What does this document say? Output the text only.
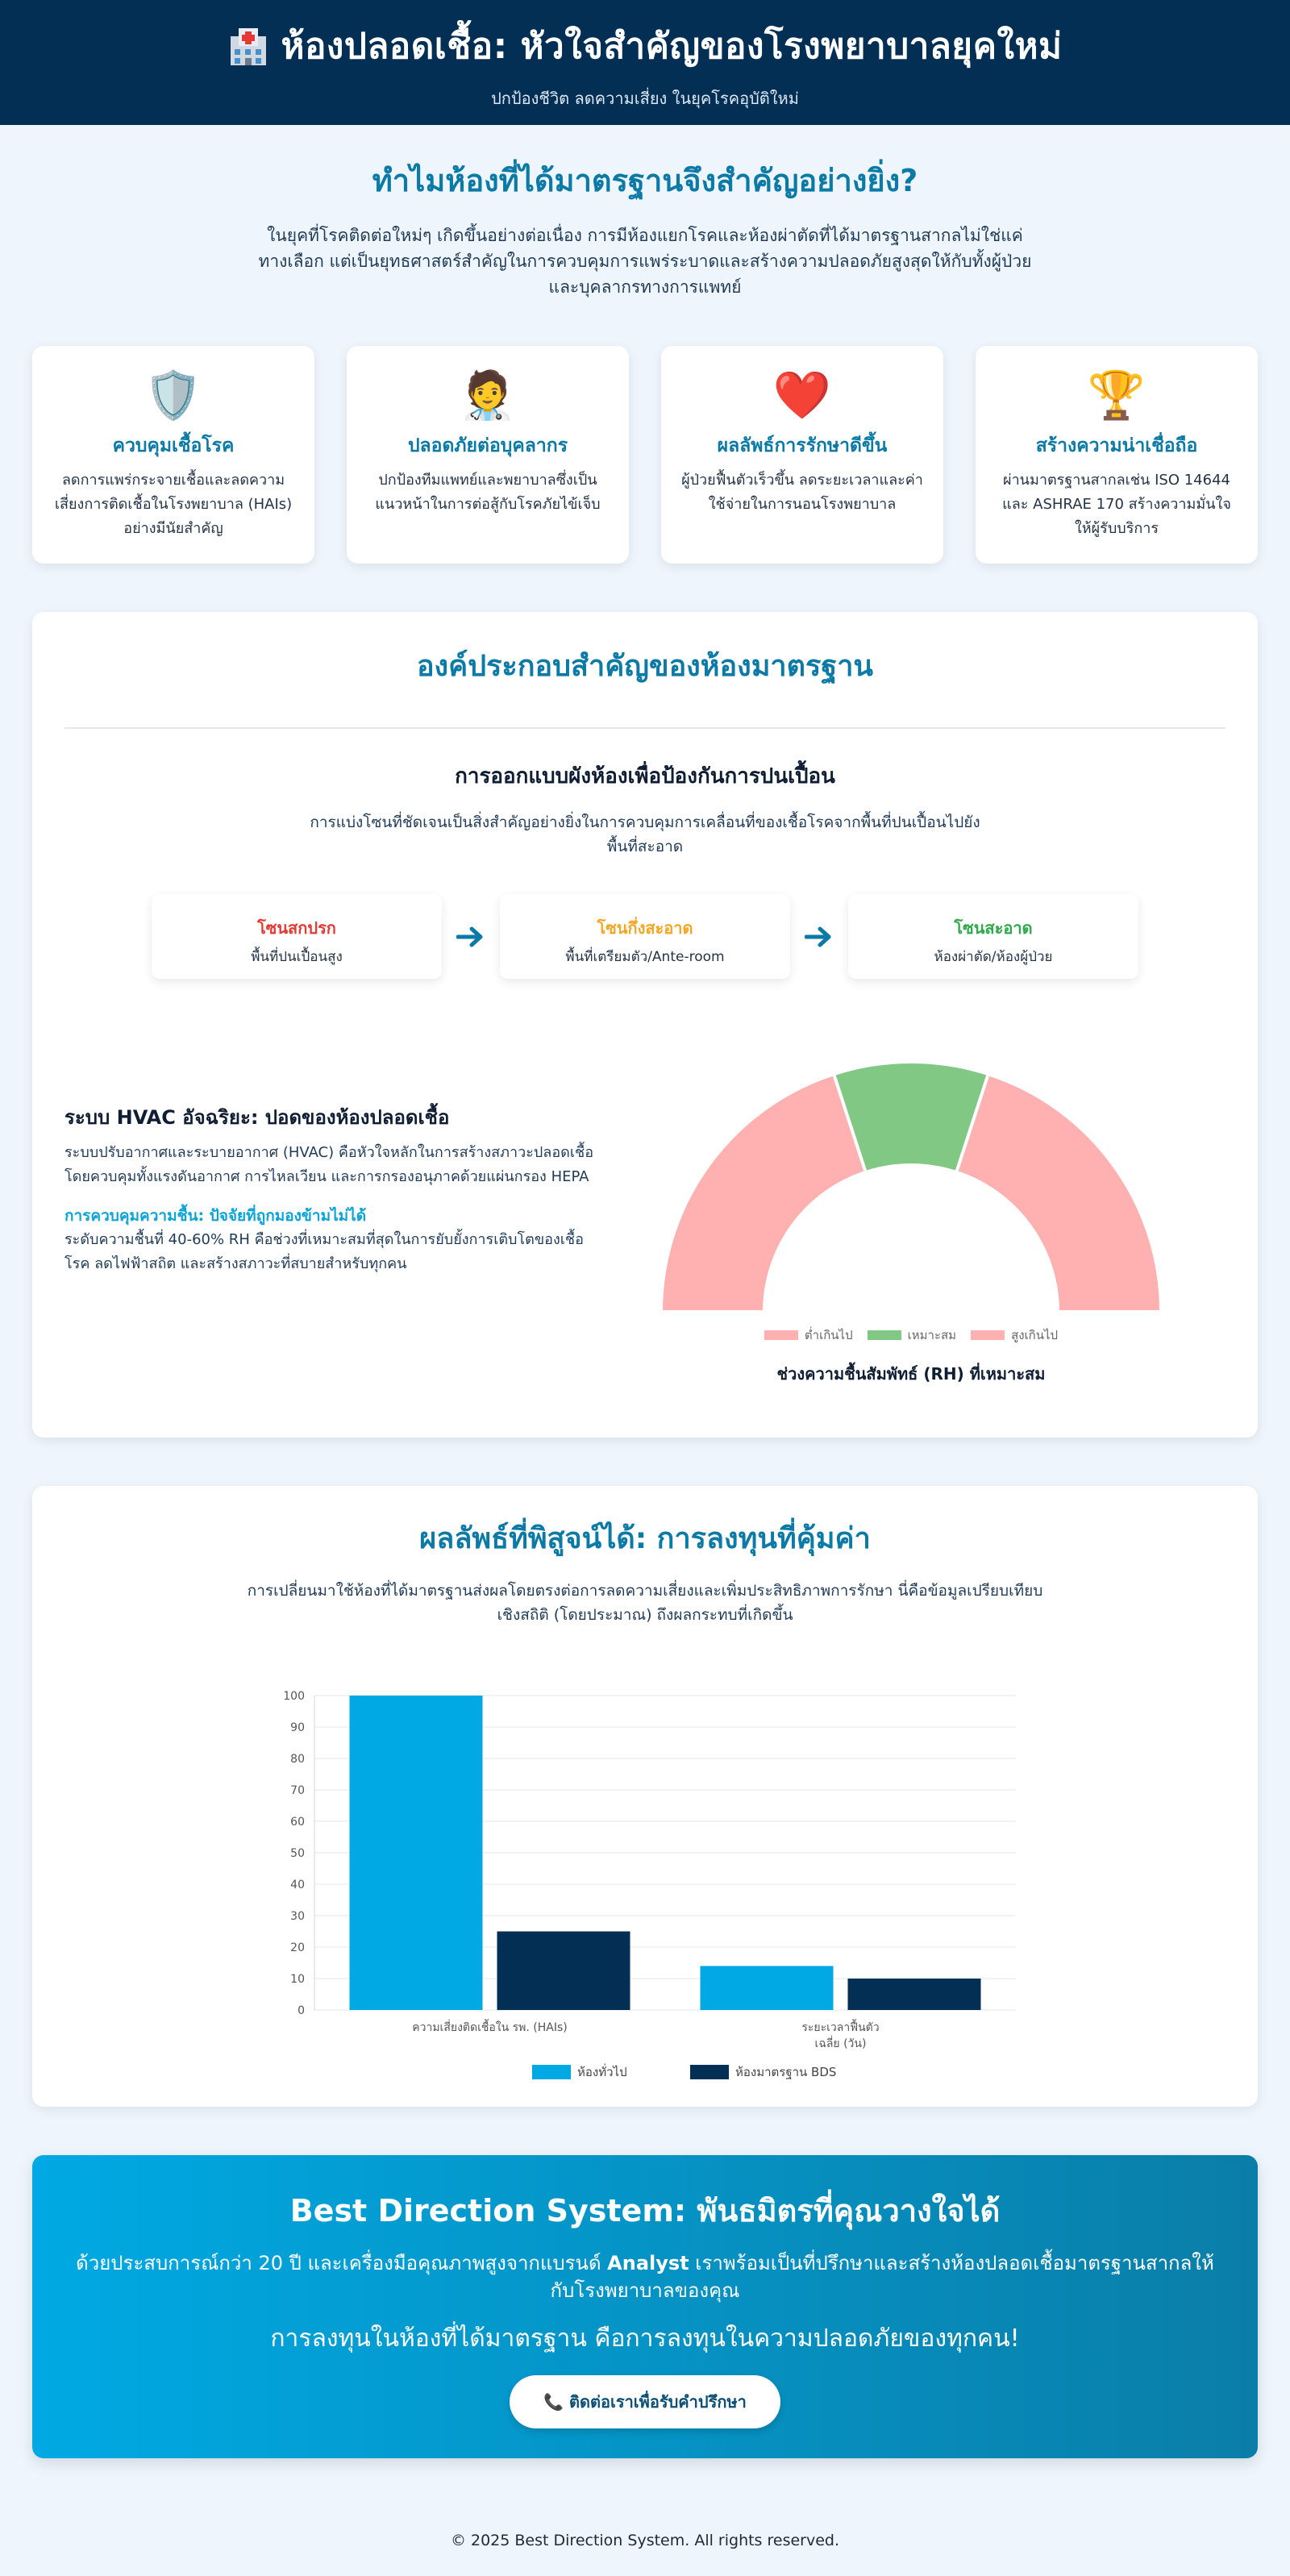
ห้องปลอดเชื้อ: หัวใจสำคัญของโรงพยาบาลยุคใหม่
ปกป้องชีวิต ลดความเสี่ยง ในยุคโรคอุบัติใหม่
ทำไมห้องที่ได้มาตรฐานจึงสำคัญอย่างยิ่ง?

ในยุคที่โรคติดต่อใหม่ๆ เกิดขึ้นอย่างต่อเนื่อง การมีห้องแยกโรคและห้องผ่าตัดที่ได้มาตรฐานสากลไม่ใช่แค่ทางเลือก แต่เป็นยุทธศาสตร์สำคัญในการควบคุมการแพร่ระบาดและสร้างความปลอดภัยสูงสุดให้กับทั้งผู้ป่วยและบุคลากรทางการแพทย์

🛡️
ควบคุมเชื้อโรค

ลดการแพร่กระจายเชื้อและลดความเสี่ยงการติดเชื้อในโรงพยาบาล (HAIs) อย่างมีนัยสำคัญ

🧑‍⚕️
ปลอดภัยต่อบุคลากร

ปกป้องทีมแพทย์และพยาบาลซึ่งเป็นแนวหน้าในการต่อสู้กับโรคภัยไข้เจ็บ

❤️
ผลลัพธ์การรักษาดีขึ้น

ผู้ป่วยฟื้นตัวเร็วขึ้น ลดระยะเวลาและค่าใช้จ่ายในการนอนโรงพยาบาล

🏆
สร้างความน่าเชื่อถือ

ผ่านมาตรฐานสากลเช่น ISO 14644 และ ASHRAE 170 สร้างความมั่นใจให้ผู้รับบริการ

องค์ประกอบสำคัญของห้องมาตรฐาน
การออกแบบผังห้องเพื่อป้องกันการปนเปื้อน
การแบ่งโซนที่ชัดเจนเป็นสิ่งสำคัญอย่างยิ่งในการควบคุมการเคลื่อนที่ของเชื้อโรคจากพื้นที่ปนเปื้อนไปยังพื้นที่สะอาด
โซนสกปรก
พื้นที่ปนเปื้อนสูง
โซนกึ่งสะอาด
พื้นที่เตรียมตัว/Ante-room
โซนสะอาด
ห้องผ่าตัด/ห้องผู้ป่วย
ระบบ HVAC อัจฉริยะ: ปอดของห้องปลอดเชื้อ

ระบบปรับอากาศและระบายอากาศ (HVAC) คือหัวใจหลักในการสร้างสภาวะปลอดเชื้อ โดยควบคุมทั้งแรงดันอากาศ การไหลเวียน และการกรองอนุภาคด้วยแผ่นกรอง HEPA

การควบคุมความชื้น: ปัจจัยที่ถูกมองข้ามไม่ได้

ระดับความชื้นที่ 40-60% RH คือช่วงที่เหมาะสมที่สุดในการยับยั้งการเติบโตของเชื้อโรค ลดไฟฟ้าสถิต และสร้างสภาวะที่สบายสำหรับทุกคน

ต่ำเกินไป	เหมาะสม	สูงเกินไป
ช่วงความชื้นสัมพัทธ์ (RH) ที่เหมาะสม
ผลลัพธ์ที่พิสูจน์ได้: การลงทุนที่คุ้มค่า

การเปลี่ยนมาใช้ห้องที่ได้มาตรฐานส่งผลโดยตรงต่อการลดความเสี่ยงและเพิ่มประสิทธิภาพการรักษา นี่คือข้อมูลเปรียบเทียบเชิงสถิติ (โดยประมาณ) ถึงผลกระทบที่เกิดขึ้น

0
10
20
30
40
50
60
70
80
90
100
ความเสี่ยงติดเชื้อใน รพ. (HAIs)	ระยะเวลาฟื้นตัว
เฉลี่ย (วัน)
ห้องทั่วไป	ห้องมาตรฐาน BDS
Best Direction System: พันธมิตรที่คุณวางใจได้

ด้วยประสบการณ์กว่า 20 ปี และเครื่องมือคุณภาพสูงจากแบรนด์ Analyst เราพร้อมเป็นที่ปรึกษาและสร้างห้องปลอดเชื้อมาตรฐานสากลให้กับโรงพยาบาลของคุณ

การลงทุนในห้องที่ได้มาตรฐาน คือการลงทุนในความปลอดภัยของทุกคน!

📞 ติดต่อเราเพื่อรับคำปรึกษา
© 2025 Best Direction System. All rights reserved.
